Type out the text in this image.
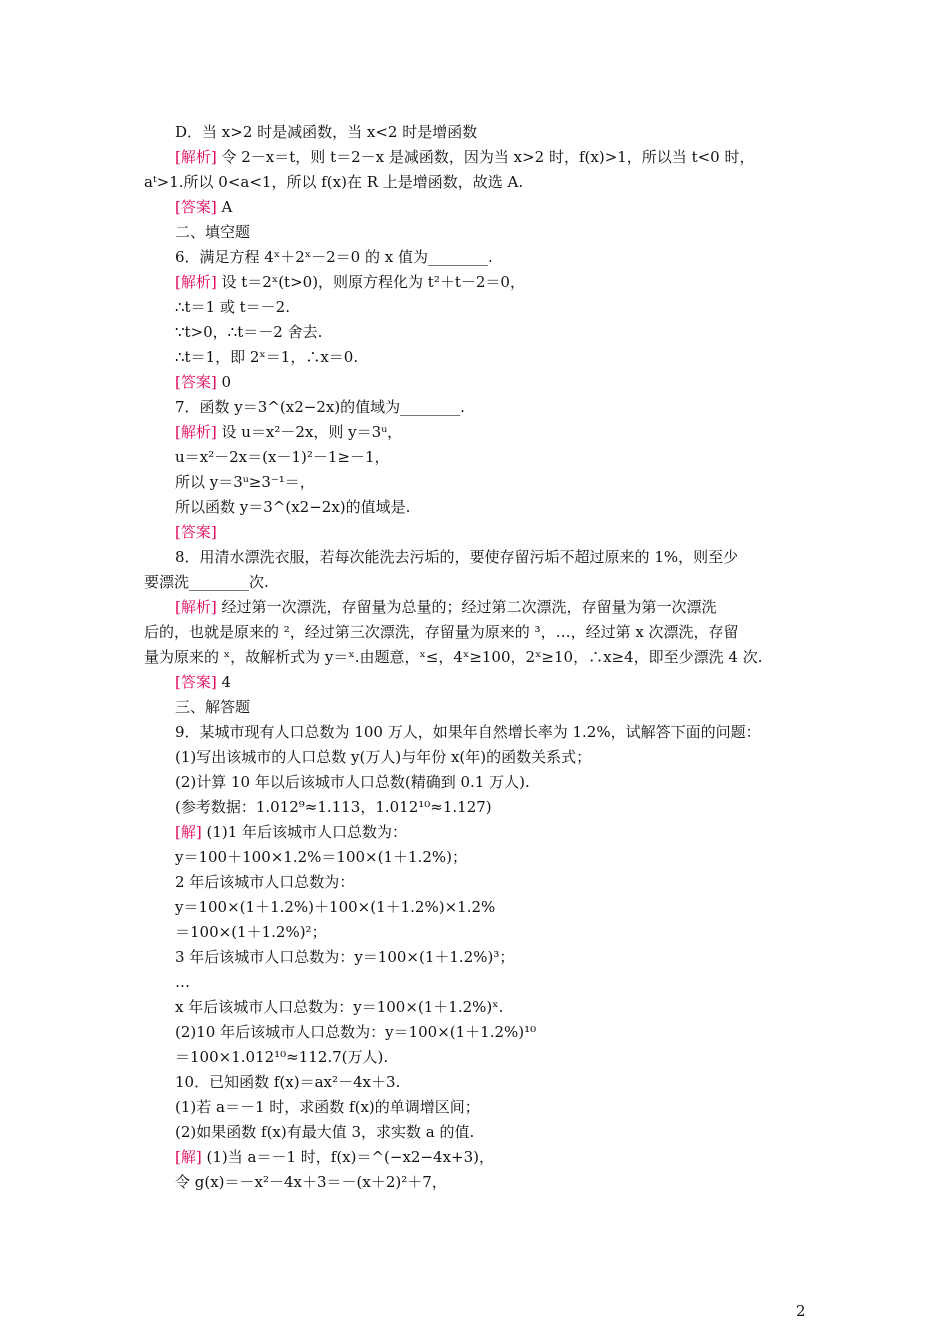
D．当 x>2 时是减函数，当 x<2 时是增函数
[解析] 令 2－x＝t，则 t＝2－x 是减函数，因为当 x>2 时，f(x)>1，所以当 t<0 时，
aᵗ>1.所以 0<a<1，所以 f(x)在 R 上是增函数，故选 A.
[答案] A
二、填空题
6．满足方程 4ˣ＋2ˣ－2＝0 的 x 值为________.
[解析] 设 t＝2ˣ(t>0)，则原方程化为 t²＋t－2＝0，
∴t＝1 或 t＝－2.
∵t>0，∴t＝－2 舍去.
∴t＝1，即 2ˣ＝1，∴x＝0.
[答案] 0
7．函数 y＝3^(x2−2x)的值域为________.
[解析] 设 u＝x²－2x，则 y＝3ᵘ，
u＝x²－2x＝(x－1)²－1≥－1，
所以 y＝3ᵘ≥3⁻¹＝，
所以函数 y＝3^(x2−2x)的值域是.
[答案]
8．用清水漂洗衣服，若每次能洗去污垢的，要使存留污垢不超过原来的 1%，则至少
要漂洗________次.
[解析] 经过第一次漂洗，存留量为总量的；经过第二次漂洗，存留量为第一次漂洗
后的，也就是原来的 ²，经过第三次漂洗，存留量为原来的 ³，…，经过第 x 次漂洗，存留
量为原来的 ˣ，故解析式为 y＝ˣ.由题意，ˣ≤，4ˣ≥100，2ˣ≥10，∴x≥4，即至少漂洗 4 次.
[答案] 4
三、解答题
9．某城市现有人口总数为 100 万人，如果年自然增长率为 1.2%，试解答下面的问题：
(1)写出该城市的人口总数 y(万人)与年份 x(年)的函数关系式；
(2)计算 10 年以后该城市人口总数(精确到 0.1 万人).
(参考数据：1.012⁹≈1.113，1.012¹⁰≈1.127)
[解] (1)1 年后该城市人口总数为：
y＝100＋100×1.2%＝100×(1＋1.2%)；
2 年后该城市人口总数为：
y＝100×(1＋1.2%)＋100×(1＋1.2%)×1.2%
＝100×(1＋1.2%)²；
3 年后该城市人口总数为：y＝100×(1＋1.2%)³；
…
x 年后该城市人口总数为：y＝100×(1＋1.2%)ˣ.
(2)10 年后该城市人口总数为：y＝100×(1＋1.2%)¹⁰
＝100×1.012¹⁰≈112.7(万人).
10．已知函数 f(x)＝ax²－4x＋3.
(1)若 a＝－1 时，求函数 f(x)的单调增区间；
(2)如果函数 f(x)有最大值 3，求实数 a 的值.
[解] (1)当 a＝－1 时，f(x)＝^(−x2−4x+3)，
令 g(x)＝－x²－4x＋3＝－(x＋2)²＋7，
2
